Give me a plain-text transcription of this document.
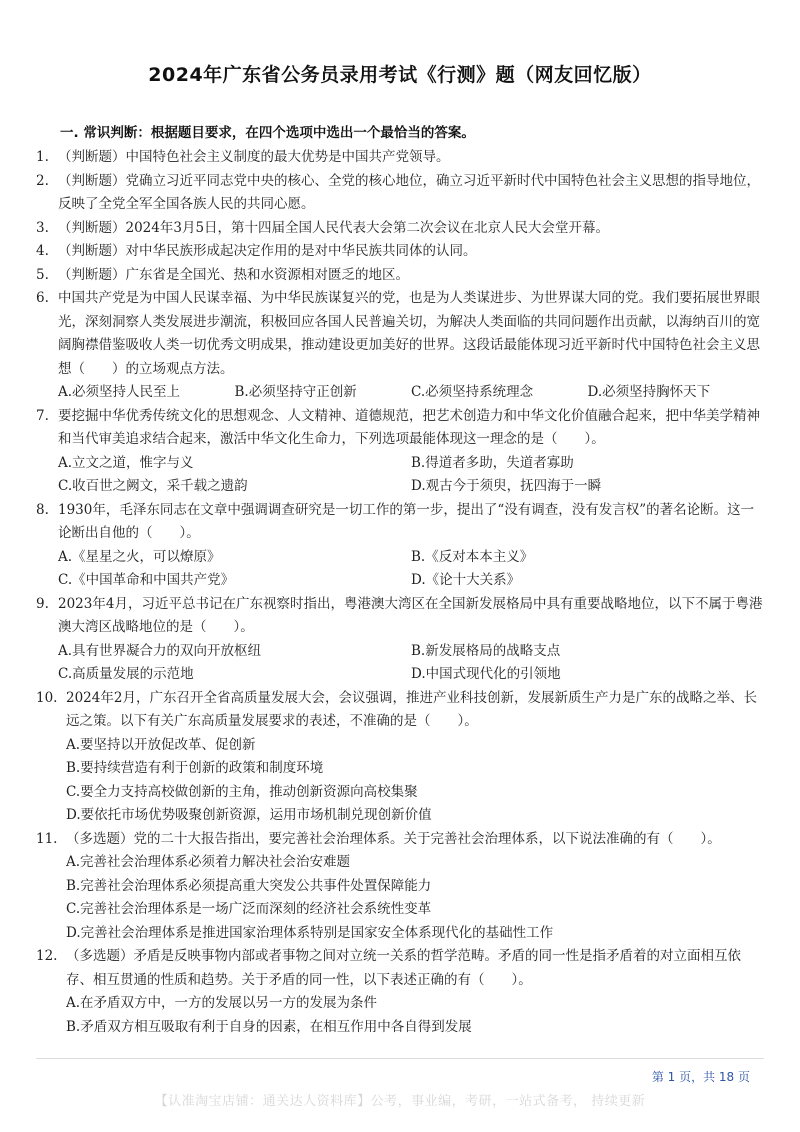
2024年广东省公务员录用考试《行测》题（网友回忆版）
一. 常识判断：根据题目要求，在四个选项中选出一个最恰当的答案。
1. （判断题）中国特色社会主义制度的最大优势是中国共产党领导。

2. （判断题）党确立习近平同志党中央的核心、全党的核心地位，确立习近平新时代中国特色社会主义思想的指导地位，反映了全党全军全国各族人民的共同心愿。

3. （判断题）2024年3月5日，第十四届全国人民代表大会第二次会议在北京人民大会堂开幕。

4. （判断题）对中华民族形成起决定作用的是对中华民族共同体的认同。

5. （判断题）广东省是全国光、热和水资源相对匮乏的地区。

6. 中国共产党是为中国人民谋幸福、为中华民族谋复兴的党，也是为人类谋进步、为世界谋大同的党。我们要拓展世界眼光，深刻洞察人类发展进步潮流，积极回应各国人民普遍关切，为解决人类面临的共同问题作出贡献，以海纳百川的宽阔胸襟借鉴吸收人类一切优秀文明成果，推动建设更加美好的世界。这段话最能体现习近平新时代中国特色社会主义思想（　　）的立场观点方法。

A.必须坚持人民至上	B.必须坚持守正创新	C.必须坚持系统理念	D.必须坚持胸怀天下
7. 要挖掘中华优秀传统文化的思想观念、人文精神、道德规范，把艺术创造力和中华文化价值融合起来，把中华美学精神和当代审美追求结合起来，激活中华文化生命力，下列选项最能体现这一理念的是（　　）。

A.立文之道，惟字与义	B.得道者多助，失道者寡助
C.收百世之阙文，采千载之遗韵	D.观古今于须臾，抚四海于一瞬
8. 1930年，毛泽东同志在文章中强调调查研究是一切工作的第一步，提出了“没有调查，没有发言权”的著名论断。这一论断出自他的（　　）。

A.《星星之火，可以燎原》	B.《反对本本主义》
C.《中国革命和中国共产党》	D.《论十大关系》
9. 2023年4月，习近平总书记在广东视察时指出，粤港澳大湾区在全国新发展格局中具有重要战略地位，以下不属于粤港澳大湾区战略地位的是（　　）。

A.具有世界凝合力的双向开放枢纽	B.新发展格局的战略支点
C.高质量发展的示范地	D.中国式现代化的引领地
10. 2024年2月，广东召开全省高质量发展大会，会议强调，推进产业科技创新，发展新质生产力是广东的战略之举、长远之策。以下有关广东高质量发展要求的表述，不准确的是（　　）。

A.要坚持以开放促改革、促创新
B.要持续营造有利于创新的政策和制度环境
C.要全力支持高校做创新的主角，推动创新资源向高校集聚
D.要依托市场优势吸聚创新资源，运用市场机制兑现创新价值
11. （多选题）党的二十大报告指出，要完善社会治理体系。关于完善社会治理体系，以下说法准确的有（　　）。

A.完善社会治理体系必须着力解决社会治安难题
B.完善社会治理体系必须提高重大突发公共事件处置保障能力
C.完善社会治理体系是一场广泛而深刻的经济社会系统性变革
D.完善社会治理体系是推进国家治理体系特别是国家安全体系现代化的基础性工作
12. （多选题）矛盾是反映事物内部或者事物之间对立统一关系的哲学范畴。矛盾的同一性是指矛盾着的对立面相互依存、相互贯通的性质和趋势。关于矛盾的同一性，以下表述正确的有（　　）。

A.在矛盾双方中，一方的发展以另一方的发展为条件
B.矛盾双方相互吸取有利于自身的因素，在相互作用中各自得到发展
第 1 页，共 18 页
【认准淘宝店铺：通关达人资料库】公考，事业编，考研，一站式备考， 持续更新
